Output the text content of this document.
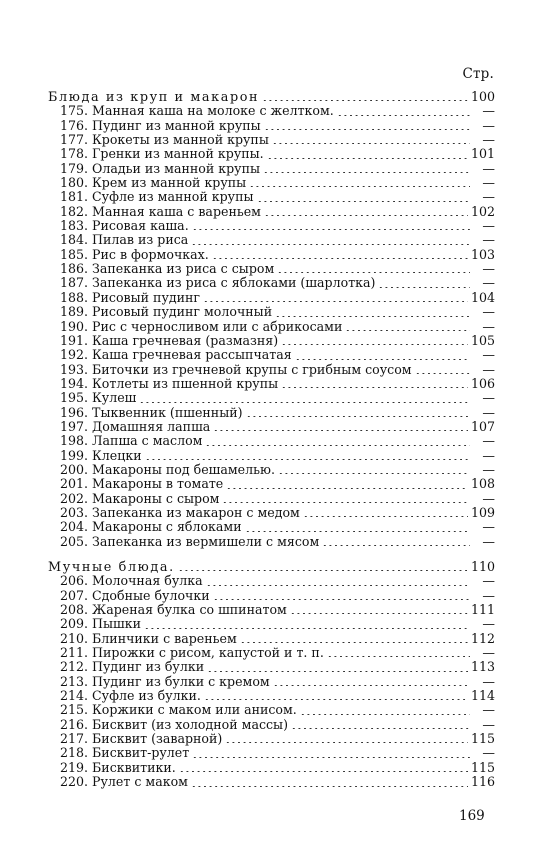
Стр.
Блюда из круп и макарон	100
175. Манная каша на молоке с желтком.	—
176. Пудинг из манной крупы	—
177. Крокеты из манной крупы	—
178. Гренки из манной крупы.	101
179. Оладьи из манной крупы	—
180. Крем из манной крупы	—
181. Суфле из манной крупы	—
182. Манная каша с вареньем	102
183. Рисовая каша.	—
184. Пилав из риса	—
185. Рис в формочках.	103
186. Запеканка из риса с сыром	—
187. Запеканка из риса с яблоками (шарлотка)	—
188. Рисовый пудинг	104
189. Рисовый пудинг молочный	—
190. Рис с черносливом или с абрикосами	—
191. Каша гречневая (размазня)	105
192. Каша гречневая рассыпчатая	—
193. Биточки из гречневой крупы с грибным соусом	—
194. Котлеты из пшенной крупы	106
195. Кулеш	—
196. Тыквенник (пшенный)	—
197. Домашняя лапша	107
198. Лапша с маслом	—
199. Клецки	—
200. Макароны под бешамелью.	—
201. Макароны в томате	108
202. Макароны с сыром	—
203. Запеканка из макарон с медом	109
204. Макароны с яблоками	—
205. Запеканка из вермишели с мясом	—
Мучные блюда.	110
206. Молочная булка	—
207. Сдобные булочки	—
208. Жареная булка со шпинатом	111
209. Пышки	—
210. Блинчики с вареньем	112
211. Пирожки с рисом, капустой и т. п.	—
212. Пудинг из булки	113
213. Пудинг из булки с кремом	—
214. Суфле из булки.	114
215. Коржики с маком или анисом.	—
216. Бисквит (из холодной массы)	—
217. Бисквит (заварной)	115
218. Бисквит-рулет	—
219. Бисквитики.	115
220. Рулет с маком	116
169
